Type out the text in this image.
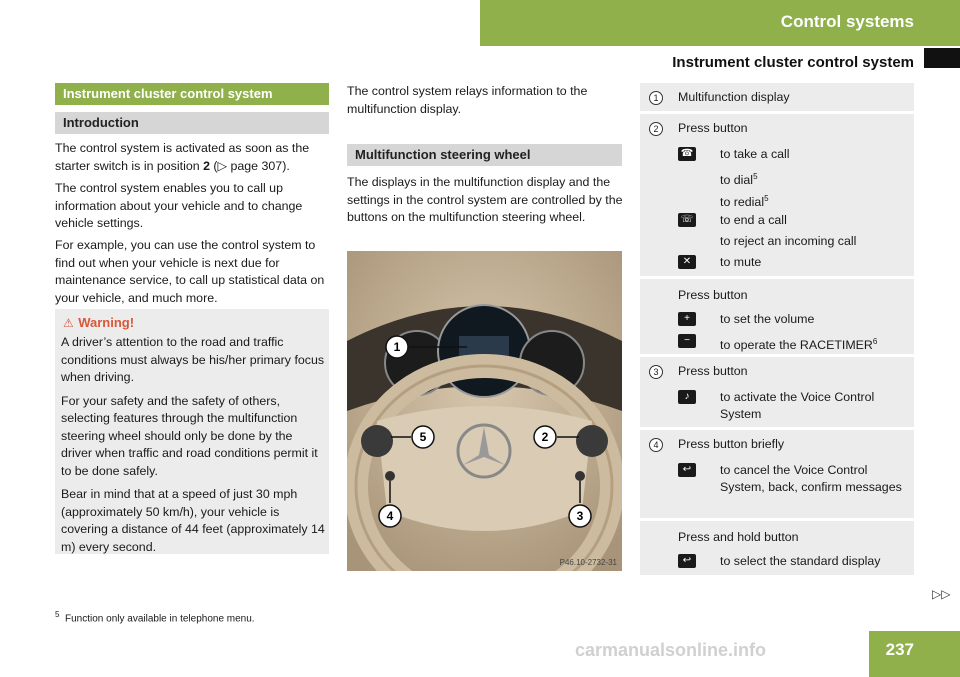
Control systems
Instrument cluster control system
Instrument cluster control system
Introduction
The control system is activated as soon as the starter switch is in position 2 (▷ page 307).
The control system enables you to call up information about your vehicle and to change vehicle settings.
For example, you can use the control system to find out when your vehicle is next due for maintenance service, to call up statistical data on your vehicle, and much more.
⚠ Warning!

A driver’s attention to the road and traffic conditions must always be his/her primary focus when driving.

For your safety and the safety of others, selecting features through the multifunction steering wheel should only be done by the driver when traffic and road conditions permit it to be done safely.

Bear in mind that at a speed of just 30 mph (approximately 50 km/h), your vehicle is covering a distance of 44 feet (approximately 14 m) every second.

The control system relays information to the multifunction display.
Multifunction steering wheel
The displays in the multifunction display and the settings in the control system are controlled by the buttons on the multifunction steering wheel.
1
5	2
4	3
P46.10-2732-31
1	Multifunction display
2	Press button
☎ to take a call
to dial$^5$
to redial$^5$
☏ to end a call
to reject an incoming call
✕	to mute
Press button
+	to set the volume
−	to operate the RACETIMER$^6$
3	Press button
♪	to activate the Voice Control System
4	Press button briefly
↩	to cancel the Voice Control System, back, confirm messages
Press and hold button
↩	to select the standard display
$^5$ Function only available in telephone menu.
▷▷
carmanualsonline.info	237
